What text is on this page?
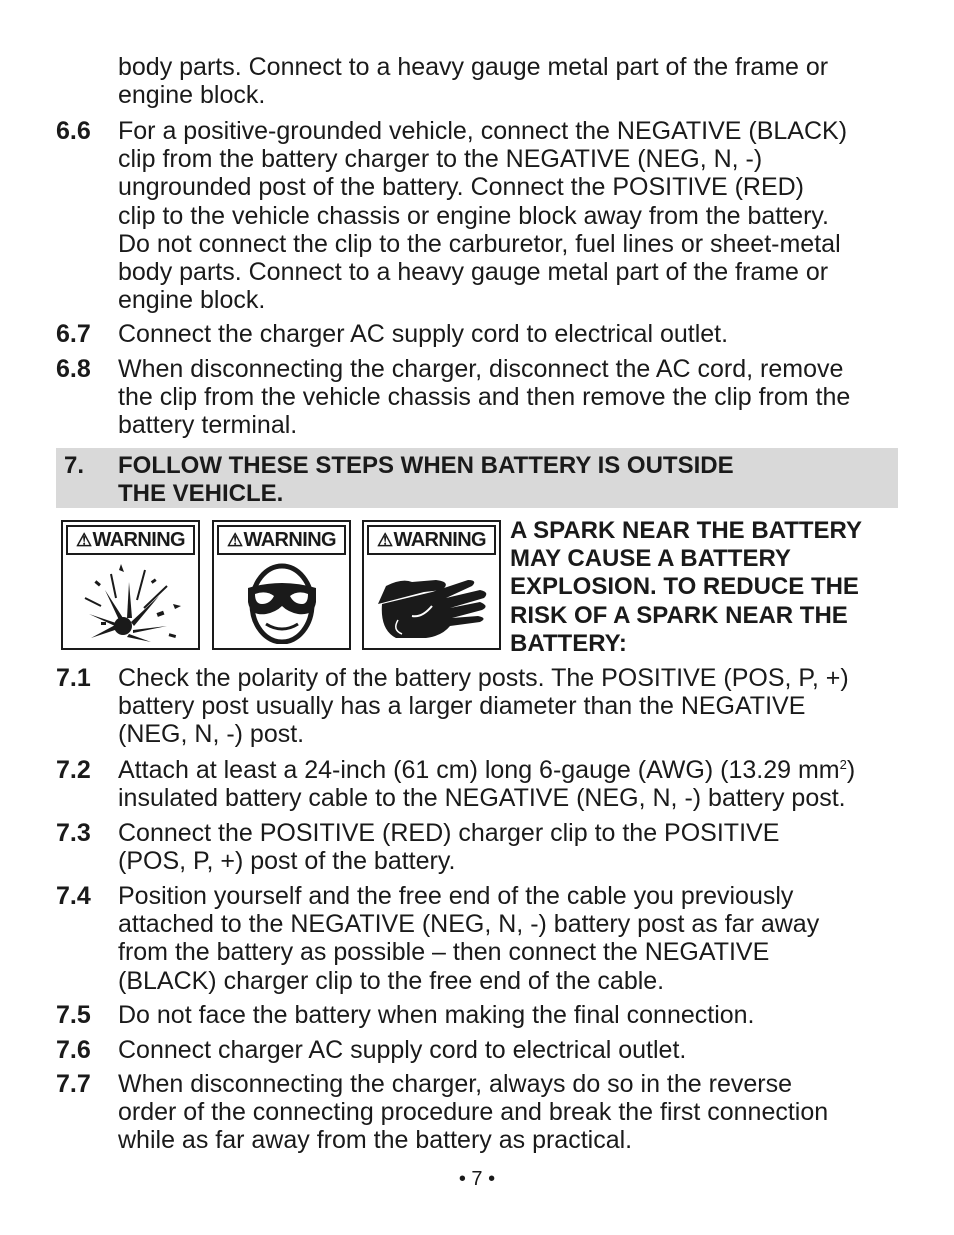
body parts. Connect to a heavy gauge metal part of the frame or
engine block.
6.6	For a positive-grounded vehicle, connect the NEGATIVE (BLACK)
clip from the battery charger to the NEGATIVE (NEG, N, -)
ungrounded post of the battery. Connect the POSITIVE (RED)
clip to the vehicle chassis or engine block away from the battery.
Do not connect the clip to the carburetor, fuel lines or sheet-metal
body parts. Connect to a heavy gauge metal part of the frame or
engine block.
6.7	Connect the charger AC supply cord to electrical outlet.
6.8	When disconnecting the charger, disconnect the AC cord, remove
the clip from the vehicle chassis and then remove the clip from the
battery terminal.
7.	FOLLOW THESE STEPS WHEN BATTERY IS OUTSIDE
THE VEHICLE.
⚠ WARNING ⚠ WARNING ⚠ WARNING A SPARK NEAR THE BATTERY
MAY CAUSE A BATTERY
EXPLOSION. TO REDUCE THE
RISK OF A SPARK NEAR THE
BATTERY:
7.1	Check the polarity of the battery posts. The POSITIVE (POS, P, +)
battery post usually has a larger diameter than the NEGATIVE
(NEG, N, -) post.
7.2	Attach at least a 24-inch (61 cm) long 6-gauge (AWG) (13.29 $mm^2$)
insulated battery cable to the NEGATIVE (NEG, N, -) battery post.
7.3	Connect the POSITIVE (RED) charger clip to the POSITIVE
(POS, P, +) post of the battery.
7.4	Position yourself and the free end of the cable you previously
attached to the NEGATIVE (NEG, N, -) battery post as far away
from the battery as possible – then connect the NEGATIVE
(BLACK) charger clip to the free end of the cable.
7.5	Do not face the battery when making the final connection.
7.6	Connect charger AC supply cord to electrical outlet.
7.7	When disconnecting the charger, always do so in the reverse
order of the connecting procedure and break the first connection
while as far away from the battery as practical.
• 7 •
